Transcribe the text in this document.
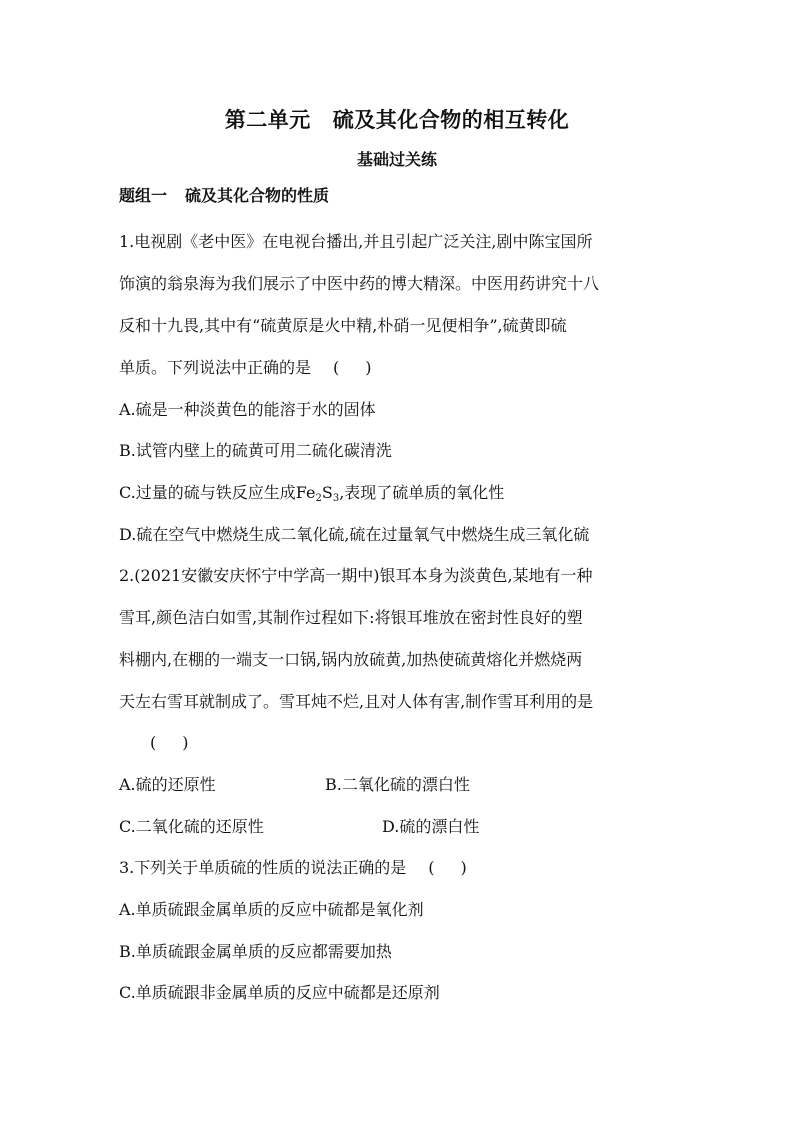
第二单元 硫及其化合物的相互转化
基础过关练
题组一 硫及其化合物的性质
1.电视剧《老中医》在电视台播出,并且引起广泛关注,剧中陈宝国所
饰演的翁泉海为我们展示了中医中药的博大精深。中医用药讲究十八
反和十九畏,其中有“硫黄原是火中精,朴硝一见便相争”,硫黄即硫
单质。下列说法中正确的是 ( )
A.硫是一种淡黄色的能溶于水的固体
B.试管内壁上的硫黄可用二硫化碳清洗
C.过量的硫与铁反应生成$Fe_2S_3$,表现了硫单质的氧化性
D.硫在空气中燃烧生成二氧化硫,硫在过量氧气中燃烧生成三氧化硫
2.(2021安徽安庆怀宁中学高一期中)银耳本身为淡黄色,某地有一种
雪耳,颜色洁白如雪,其制作过程如下:将银耳堆放在密封性良好的塑
料棚内,在棚的一端支一口锅,锅内放硫黄,加热使硫黄熔化并燃烧两
天左右雪耳就制成了。雪耳炖不烂,且对人体有害,制作雪耳利用的是
( )
A.硫的还原性	B.二氧化硫的漂白性
C.二氧化硫的还原性	D.硫的漂白性
3.下列关于单质硫的性质的说法正确的是 ( )
A.单质硫跟金属单质的反应中硫都是氧化剂
B.单质硫跟金属单质的反应都需要加热
C.单质硫跟非金属单质的反应中硫都是还原剂
